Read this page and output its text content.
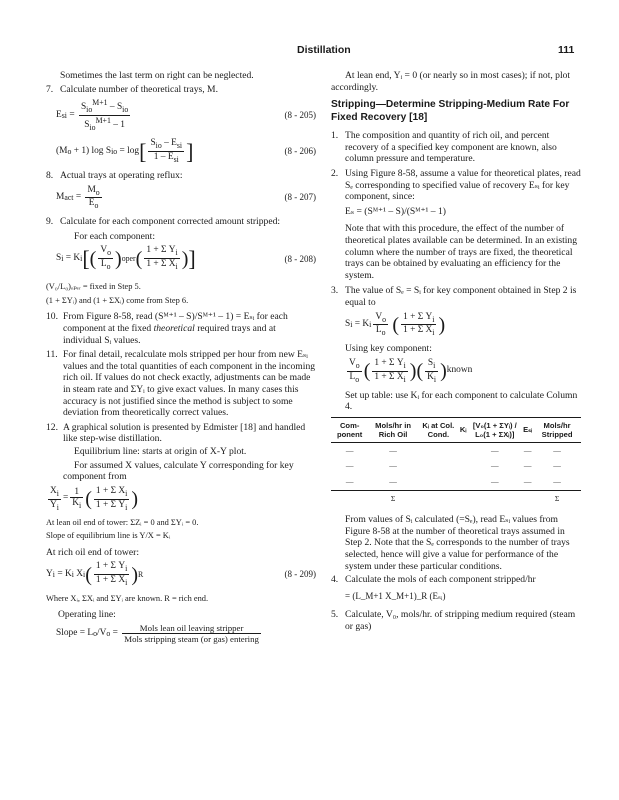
Distillation	111

Sometimes the last term on right can be neglected.

7. Calculate number of theoretical trays, M.
E si = $\frac{S_{io}^{M+1} - S_{io}}{S_{io}^{M+1} - 1}$	(8 - 205)
(M o
+ 1) log S io
= log [ $\frac{S_{io} - E_{si}}{1 - E_{si}}$ ]	(8 - 206)
8. Actual trays at operating reflux:
M act = $\frac{M_o}{E_o}$	(8 - 207)
9. Calculate for each component corrected amount stripped:

For each component:

S i
= K i [ ( $\frac{V_o}{L_o}$ ) oper ( $\frac{1 + \Sigma Y_i}{1 + \Sigma X_i}$ ) ]	(8 - 208)

(V₀/L₀)ₒₚₑᵣ = fixed in Step 5.

(1 + ΣYᵢ) and (1 + ΣXᵢ) come from Step 6.

10. From Figure 8-58, read (Sᴹ⁺¹ – S)/Sᴹ⁺¹ – 1) = Eₛᵢ for each component at the fixed theoretical required trays and at individual Sᵢ values.
11. For final detail, recalculate mols stripped per hour from new Eₛᵢ values and the total quantities of each component in the incoming rich oil. If values do not check exactly, adjustments can be made in steam rate and ΣYᵢ to give exact values. In many cases this accuracy is not justified since the method is subject to some deviation from theoretically correct values.
12. A graphical solution is presented by Edmister [18] and handled like step-wise distillation.

Equilibrium line: starts at origin of X-Y plot.

For assumed X values, calculate Y corresponding for key component from

$\frac{X_i}{Y_i} = \frac{1}{K_i}$ ( $\frac{1 + \Sigma X_i}{1 + \Sigma Y_i}$ )

At lean oil end of tower: ΣZᵢ = 0 and ΣYᵢ = 0.

Slope of equilibrium line is Y/X = Kᵢ

At rich oil end of tower:

Y i
= K i
X i ( $\frac{1 + \Sigma Y_i}{1 + \Sigma X_i}$ ) R	(8 - 209)

Where Xᵢ, ΣXᵢ and ΣYᵢ are known. R = rich end.

Operating line:

Slope = L o /V $o = \frac{\text{Mols lean oil leaving stripper}}{\text{Mols stripping steam (or gas) entering}}$

At lean end, Yᵢ = 0 (or nearly so in most cases); if not, plot accordingly.

Stripping—Determine Stripping-Medium Rate For Fixed Recovery [18]
1. The composition and quantity of rich oil, and percent recovery of a specified key component are known, also column pressure and temperature.
2. Using Figure 8-58, assume a value for theoretical plates, read Sₑ corresponding to specified value of recovery Eₛᵢ for key component, since:

Eₛ = (Sᴹ⁺¹ – S)/(Sᴹ⁺¹ – 1)

Note that with this procedure, the effect of the number of theoretical plates available can be determined. In an existing column where the number of trays are fixed, the theoretical trays can be obtained by evaluating an efficiency for the system.

3. The value of Sₑ = Sᵢ for key component obtained in Step 2 is equal to
S i
= K i $\frac{V_o}{L_o}$
( $\frac{1 + \Sigma Y_i}{1 + \Sigma X_i}$ )

Using key component:

$\frac{V_o}{L_o}$ ( $\frac{1 + \Sigma Y_i}{1 + \Sigma X_i}$ ) ( $\frac{S_i}{K_i}$ ) known

Set up table: use Kᵢ for each component to calculate Column 4.

Com-ponent	Mols/hr in Rich Oil	Kᵢ at Col. Cond.	Kᵢ	[V₀(1 + ΣYᵢ) / L₀(1 + ΣXᵢ)]	Eₛᵢ	Mols/hr Stripped
—	—			—	—	—
—	—			—	—	—
—	—			—	—	—
	Σ					Σ

From values of Sᵢ calculated (=Sₑ), read Eₛᵢ values from Figure 8-58 at the number of theoretical trays assumed in Step 2. Note that the Sₑ corresponds to the number of trays selected, hence will give a value for performance of the system under these particular conditions.

4. Calculate the mols of each component stripped/hr

= (L_M+1 X_M+1)_R (Eₛᵢ)

5. Calculate, V₀, mols/hr. of stripping medium required (steam or gas)
